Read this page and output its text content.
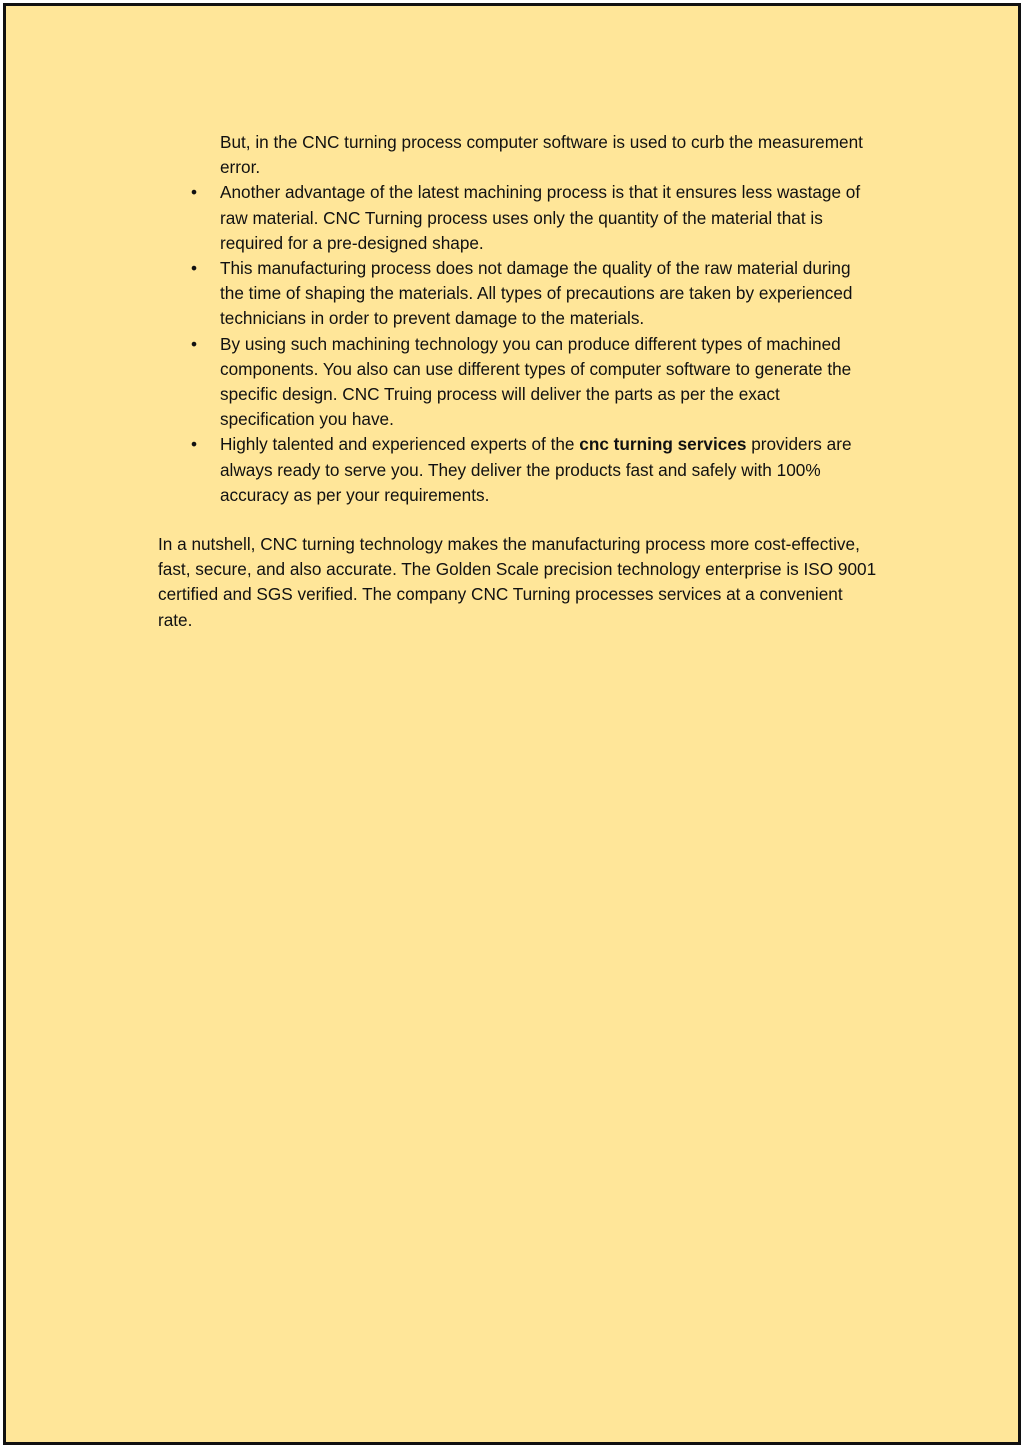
But, in the CNC turning process computer software is used to curb the measurement error.

• Another advantage of the latest machining process is that it ensures less wastage of raw material. CNC Turning process uses only the quantity of the material that is required for a pre-designed shape.
• This manufacturing process does not damage the quality of the raw material during the time of shaping the materials. All types of precautions are taken by experienced technicians in order to prevent damage to the materials.
• By using such machining technology you can produce different types of machined components. You also can use different types of computer software to generate the specific design. CNC Truing process will deliver the parts as per the exact specification you have.
• Highly talented and experienced experts of the cnc turning services providers are always ready to serve you. They deliver the products fast and safely with 100% accuracy as per your requirements.

In a nutshell, CNC turning technology makes the manufacturing process more cost-effective, fast, secure, and also accurate. The Golden Scale precision technology enterprise is ISO 9001 certified and SGS verified. The company CNC Turning processes services at a convenient rate.
